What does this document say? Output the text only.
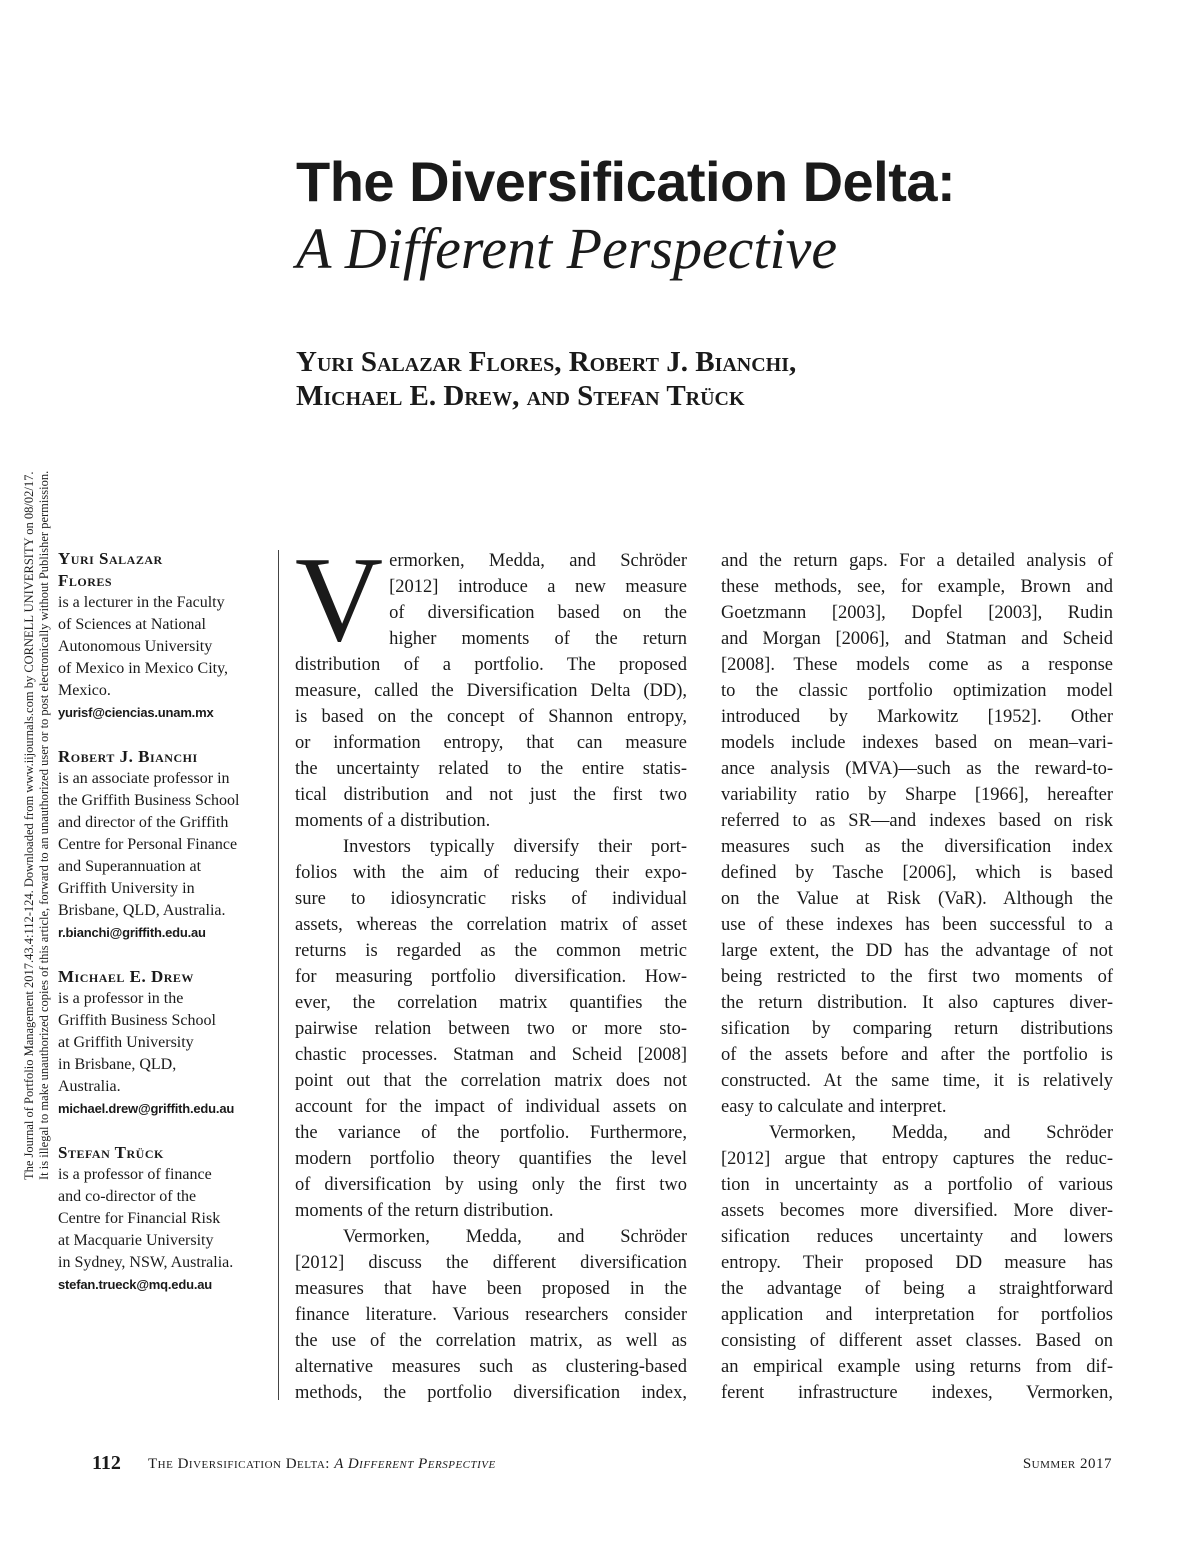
The Journal of Portfolio Management 2017.43.4:112-124. Downloaded from www.iijournals.com by CORNELL UNIVERSITY on 08/02/17. It is illegal to make unauthorized copies of this article, forward to an unauthorized user or to post electronically without Publisher permission.
The Diversification Delta:
A Different Perspective
Yuri Salazar Flores, Robert J. Bianchi,
Michael E. Drew, and Stefan Trück
Yuri Salazar
Flores
is a lecturer in the Faculty
of Sciences at National
Autonomous University
of Mexico in Mexico City,
Mexico.
yurisf@ciencias.unam.mx
Robert J. Bianchi
is an associate professor in
the Griffith Business School
and director of the Griffith
Centre for Personal Finance
and Superannuation at
Griffith University in
Brisbane, QLD, Australia.
r.bianchi@griffith.edu.au
Michael E. Drew
is a professor in the
Griffith Business School
at Griffith University
in Brisbane, QLD,
Australia.
michael.drew@griffith.edu.au
Stefan Trück
is a professor of finance
and co-director of the
Centre for Financial Risk
at Macquarie University
in Sydney, NSW, Australia.
stefan.trueck@mq.edu.au
V ermorken, Medda, and Schröder
[2012] introduce a new measure
of diversification based on the
higher moments of the return
distribution of a portfolio. The proposed
measure, called the Diversification Delta (DD),
is based on the concept of Shannon entropy,
or information entropy, that can measure
the uncertainty related to the entire statis-
tical distribution and not just the first two
moments of a distribution.
Investors typically diversify their port-
folios with the aim of reducing their expo-
sure to idiosyncratic risks of individual
assets, whereas the correlation matrix of asset
returns is regarded as the common metric
for measuring portfolio diversification. How-
ever, the correlation matrix quantifies the
pairwise relation between two or more sto-
chastic processes. Statman and Scheid [2008]
point out that the correlation matrix does not
account for the impact of individual assets on
the variance of the portfolio. Furthermore,
modern portfolio theory quantifies the level
of diversification by using only the first two
moments of the return distribution.
Vermorken, Medda, and Schröder
[2012] discuss the different diversification
measures that have been proposed in the
finance literature. Various researchers consider
the use of the correlation matrix, as well as
alternative measures such as clustering-based
methods, the portfolio diversification index,
and the return gaps. For a detailed analysis of
these methods, see, for example, Brown and
Goetzmann [2003], Dopfel [2003], Rudin
and Morgan [2006], and Statman and Scheid
[2008]. These models come as a response
to the classic portfolio optimization model
introduced by Markowitz [1952]. Other
models include indexes based on mean–vari-
ance analysis (MVA)—such as the reward-to-
variability ratio by Sharpe [1966], hereafter
referred to as SR—and indexes based on risk
measures such as the diversification index
defined by Tasche [2006], which is based
on the Value at Risk (VaR). Although the
use of these indexes has been successful to a
large extent, the DD has the advantage of not
being restricted to the first two moments of
the return distribution. It also captures diver-
sification by comparing return distributions
of the assets before and after the portfolio is
constructed. At the same time, it is relatively
easy to calculate and interpret.
Vermorken, Medda, and Schröder
[2012] argue that entropy captures the reduc-
tion in uncertainty as a portfolio of various
assets becomes more diversified. More diver-
sification reduces uncertainty and lowers
entropy. Their proposed DD measure has
the advantage of being a straightforward
application and interpretation for portfolios
consisting of different asset classes. Based on
an empirical example using returns from dif-
ferent infrastructure indexes, Vermorken,
112 The Diversification Delta: A Different Perspective	Summer 2017
